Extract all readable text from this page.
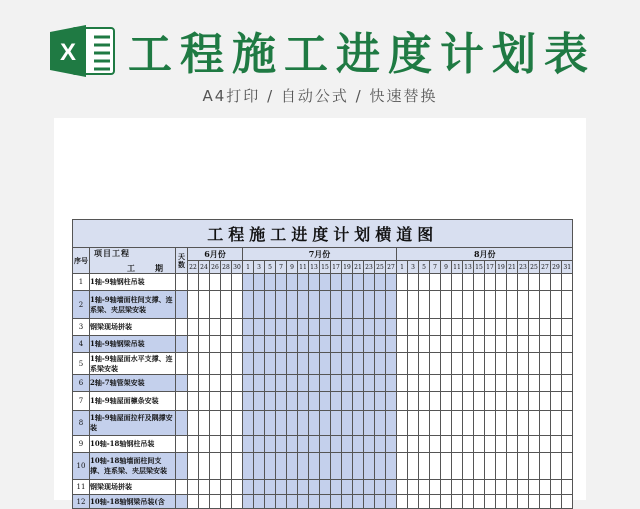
X 工程施工进度计划表
A4打印 / 自动公式 / 快速替换
工程施工进度计划横道图																																					
序号	工　期
项目工程	天数	6月份					7月份														8月份															
			22	24	26	28	30	1	3	5	7	9	11	13	15	17	19	21	23	25	27	1	3	5	7	9	11	13	15	17	19	21	23	25	27	29	31
1	1轴-9轴钢柱吊装																																				
2	1轴-9轴墙面柱间支撑、连系梁、夹层梁安装																																				
3	钢梁现场拼装																																				
4	1轴-9轴钢梁吊装																																				
5	1轴-9轴屋面水平支撑、连系梁安装																																				
6	2轴-7轴管架安装																																				
7	1轴-9轴屋面檩条安装																																				
8	1轴-9轴屋面拉杆及隅撑安装																																				
9	10轴-18轴钢柱吊装																																				
10	10轴-18轴墙面柱间支撑、连系梁、夹层梁安装																																				
11	钢梁现场拼装																																				
12	10轴-18轴钢梁吊装(含																																				
